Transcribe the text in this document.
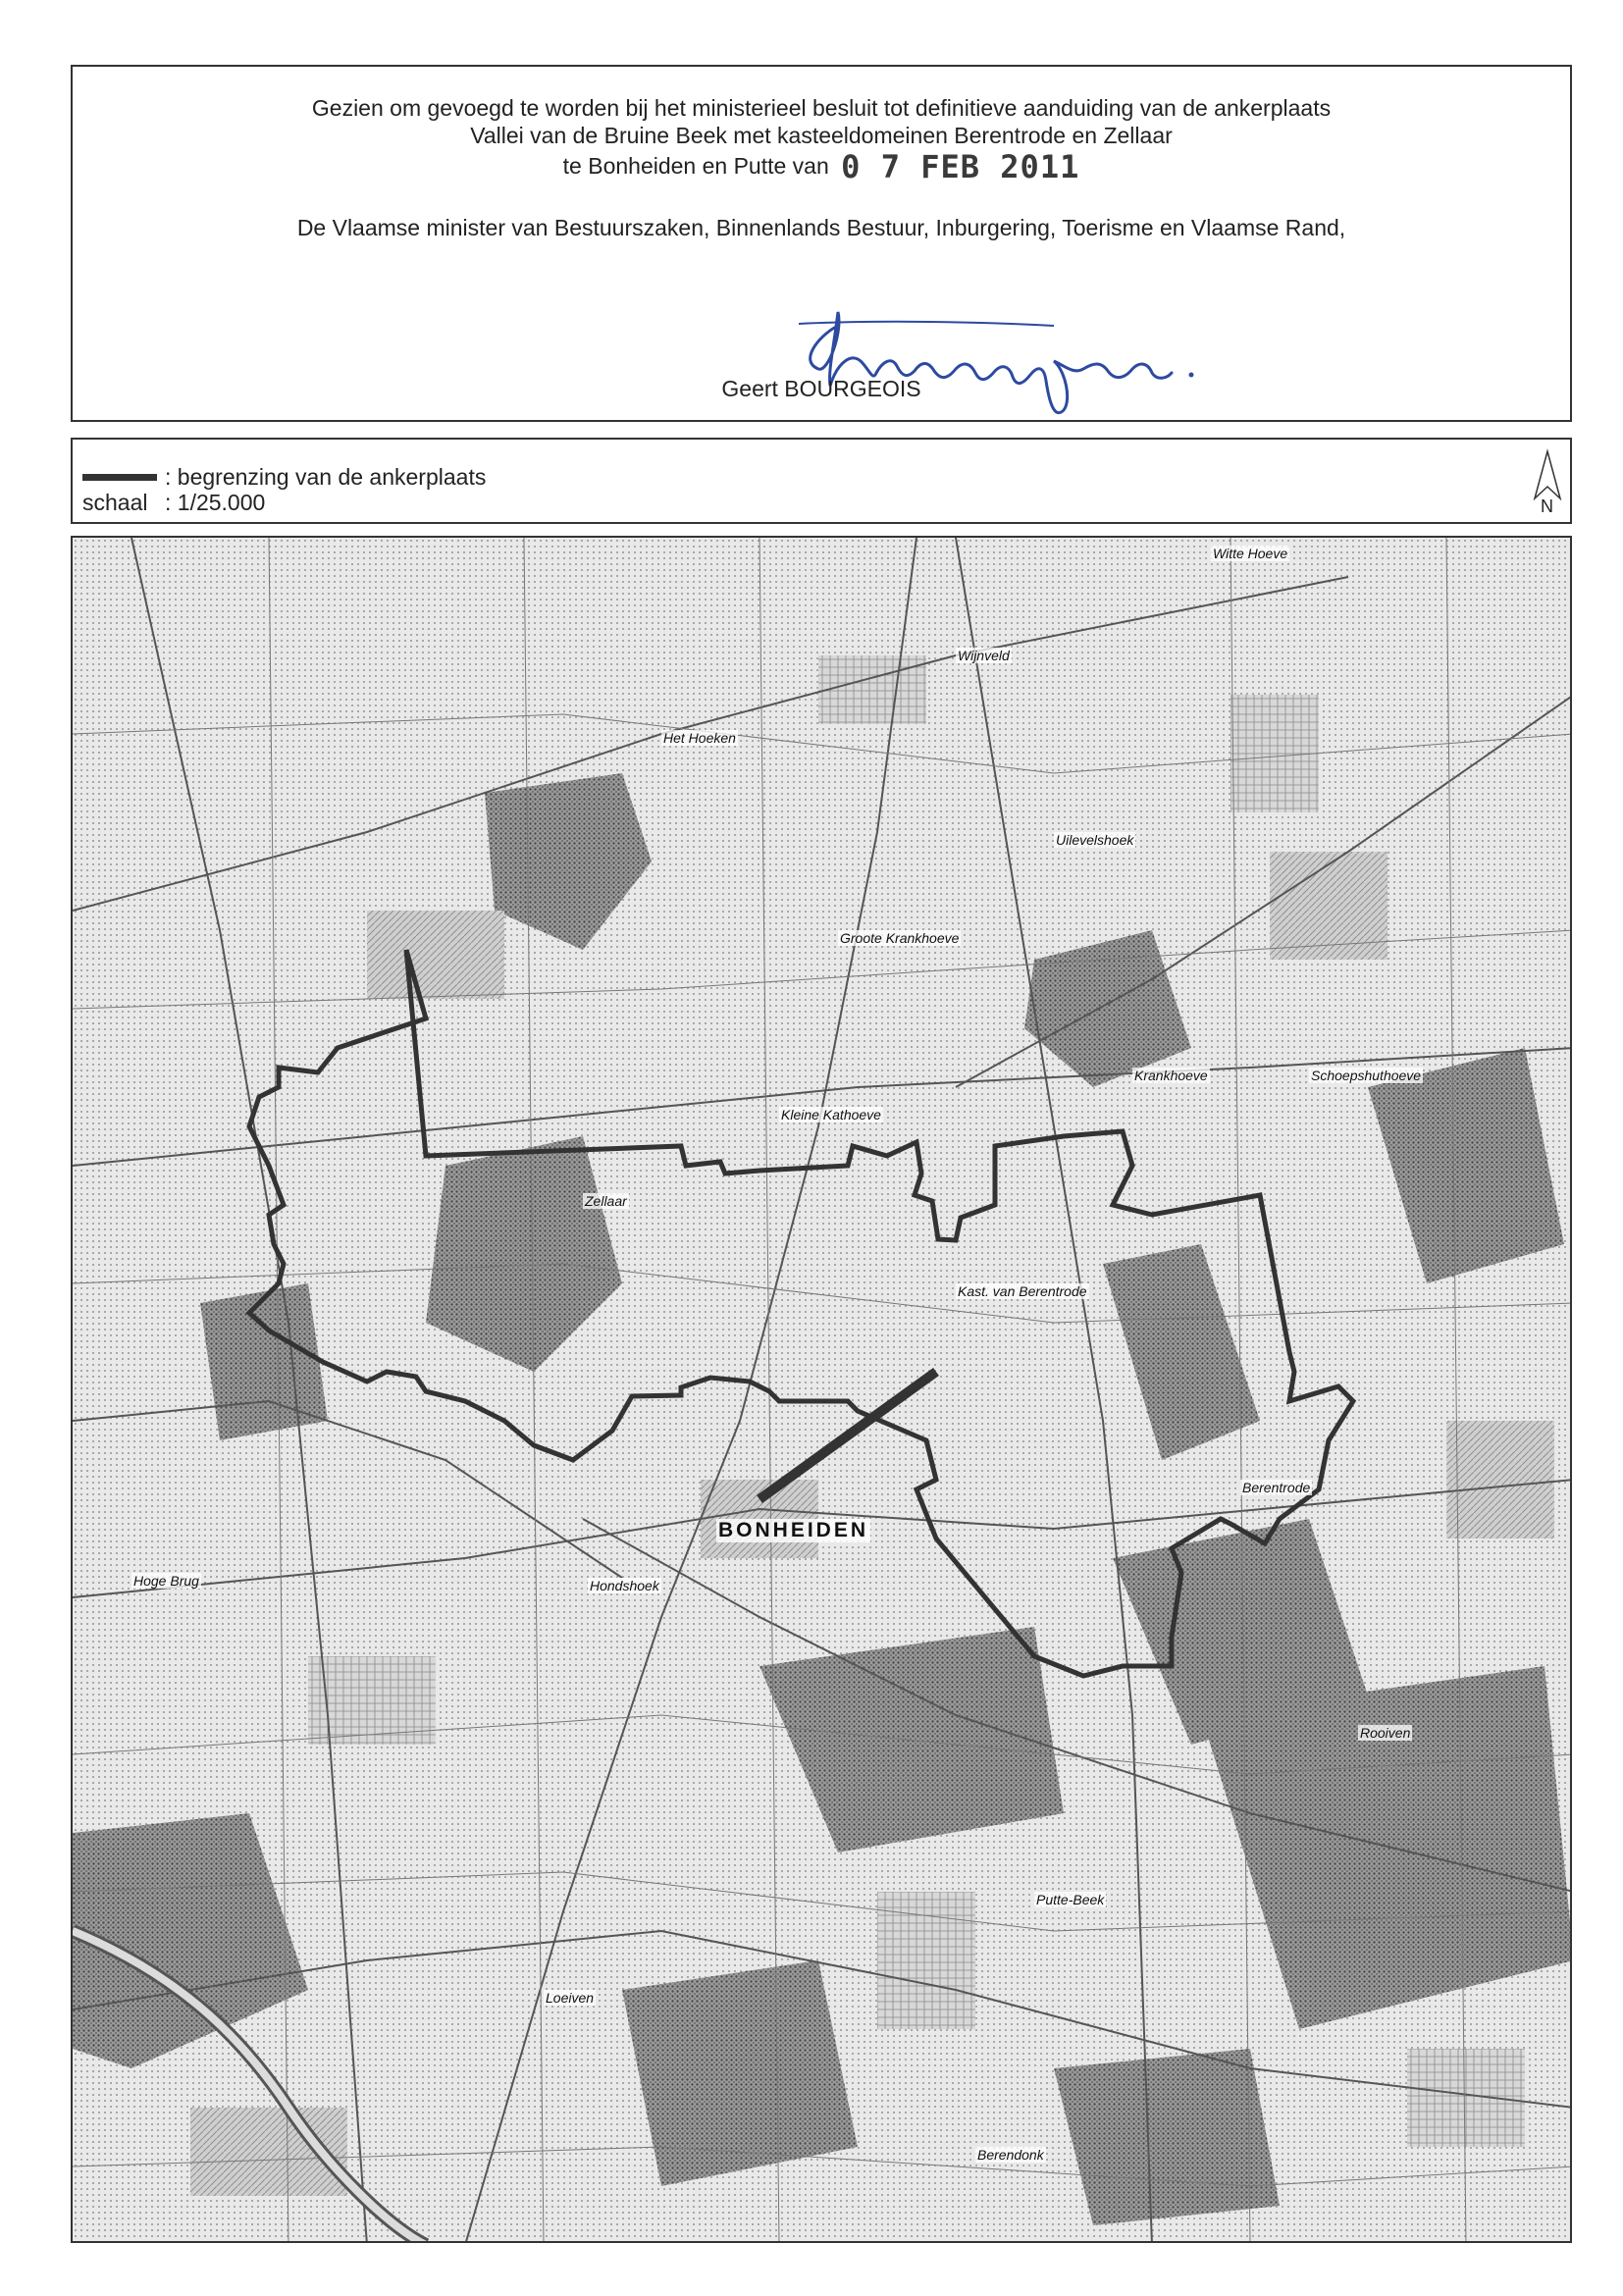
Gezien om gevoegd te worden bij het ministerieel besluit tot definitieve aanduiding van de ankerplaats
Vallei van de Bruine Beek met kasteeldomeinen Berentrode en Zellaar
te Bonheiden en Putte van 0 7 FEB 2011
De Vlaamse minister van Bestuurszaken, Binnenlands Bestuur, Inburgering, Toerisme en Vlaamse Rand,
Geert BOURGEOIS
: begrenzing van de ankerplaats
schaal : 1/25.000	N
Wijnveld
Het Hoeken
Witte Hoeve
Uilevelshoek
Groote Krankhoeve
Krankhoeve
Kleine Kathoeve
Zellaar
Kast. van Berentrode
Berentrode
Hondshoek
Rooiven
Hoge Brug
Loeiven
Berendonk
Putte-Beek
Schoepshuthoeve
BONHEIDEN
